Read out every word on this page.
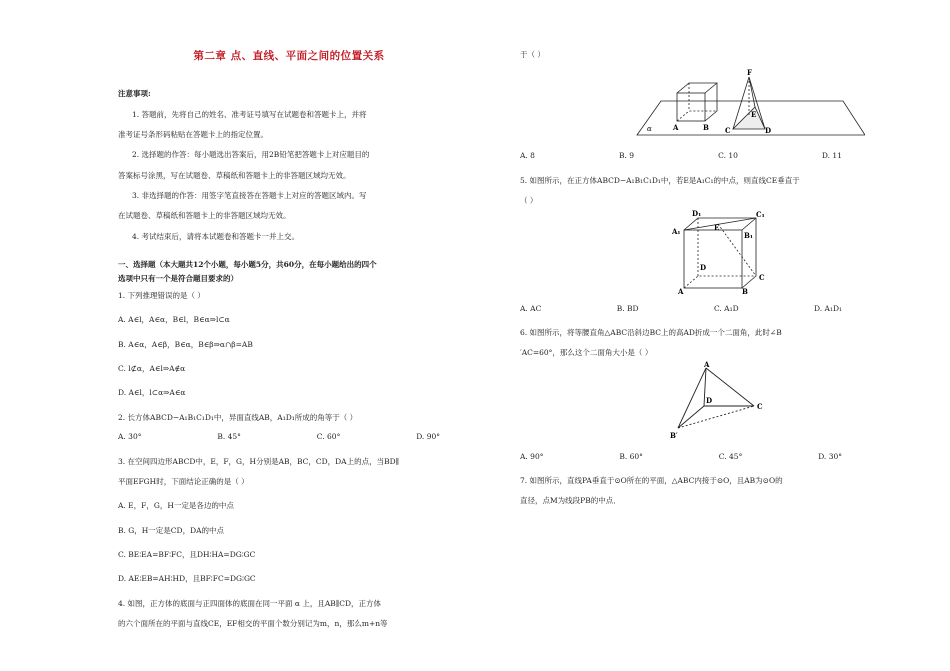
第二章 点、直线、平面之间的位置关系

注意事项:

1. 答题前，先将自己的姓名、准考证号填写在试题卷和答题卡上，并将

准考证号条形码粘贴在答题卡上的指定位置。

2. 选择题的作答：每小题选出答案后，用2B铅笔把答题卡上对应题目的

答案标号涂黑，写在试题卷、草稿纸和答题卡上的非答题区域均无效。

3. 非选择题的作答：用签字笔直接答在答题卡上对应的答题区域内。写

在试题卷、草稿纸和答题卡上的非答题区域均无效。

4. 考试结束后，请将本试题卷和答题卡一并上交。

一、选择题（本大题共12个小题，每小题5分，共60分，在每小题给出的四个

选项中只有一个是符合题目要求的）

1. 下列推理错误的是（ ）

A. A∈l，A∈α，B∈l，B∈α⇒l⊂α

B. A∈α，A∈β，B∈α，B∈β⇒α∩β=AB

C. l⊄α，A∈l⇒A∉α

D. A∈l，l⊂α⇒A∈α

2. 长方体ABCD−A₁B₁C₁D₁中，异面直线AB，A₁D₁所成的角等于（ ）

A. 30°	B. 45°	C. 60°	D. 90°

3. 在空间四边形ABCD中，E，F，G，H分别是AB，BC，CD，DA上的点，当BD∥

平面EFGH时，下面结论正确的是（ ）

A. E，F，G，H一定是各边的中点

B. G，H一定是CD，DA的中点

C. BE∶EA=BF∶FC，且DH∶HA=DG∶GC

D. AE∶EB=AH∶HD，且BF∶FC=DG∶GC

4. 如图，正方体的底面与正四面体的底面在同一平面 α 上，且AB∥CD，正方体

的六个面所在的平面与直线CE，EF相交的平面个数分别记为m，n，那么m+n等

于（ ）

F
E
A	B C	D
α
A. 8	B. 9	C. 10	D. 11

5. 如图所示，在正方体ABCD−A₁B₁C₁D₁中，若E是A₁C₁的中点，则直线CE垂直于

（ ）

D₁	C₁
A₁	E
B₁
D
C
A	B
A. AC	B. BD	C. A₁D	D. A₁D₁

6. 如图所示，将等腰直角△ABC沿斜边BC上的高AD折成一个二面角，此时∠B

′AC=60°，那么这个二面角大小是（ ）

A
D
C
B′
A. 90°	B. 60°	C. 45°	D. 30°

7. 如图所示，直线PA垂直于⊙O所在的平面，△ABC内接于⊙O，且AB为⊙O的

直径，点M为线段PB的中点．
